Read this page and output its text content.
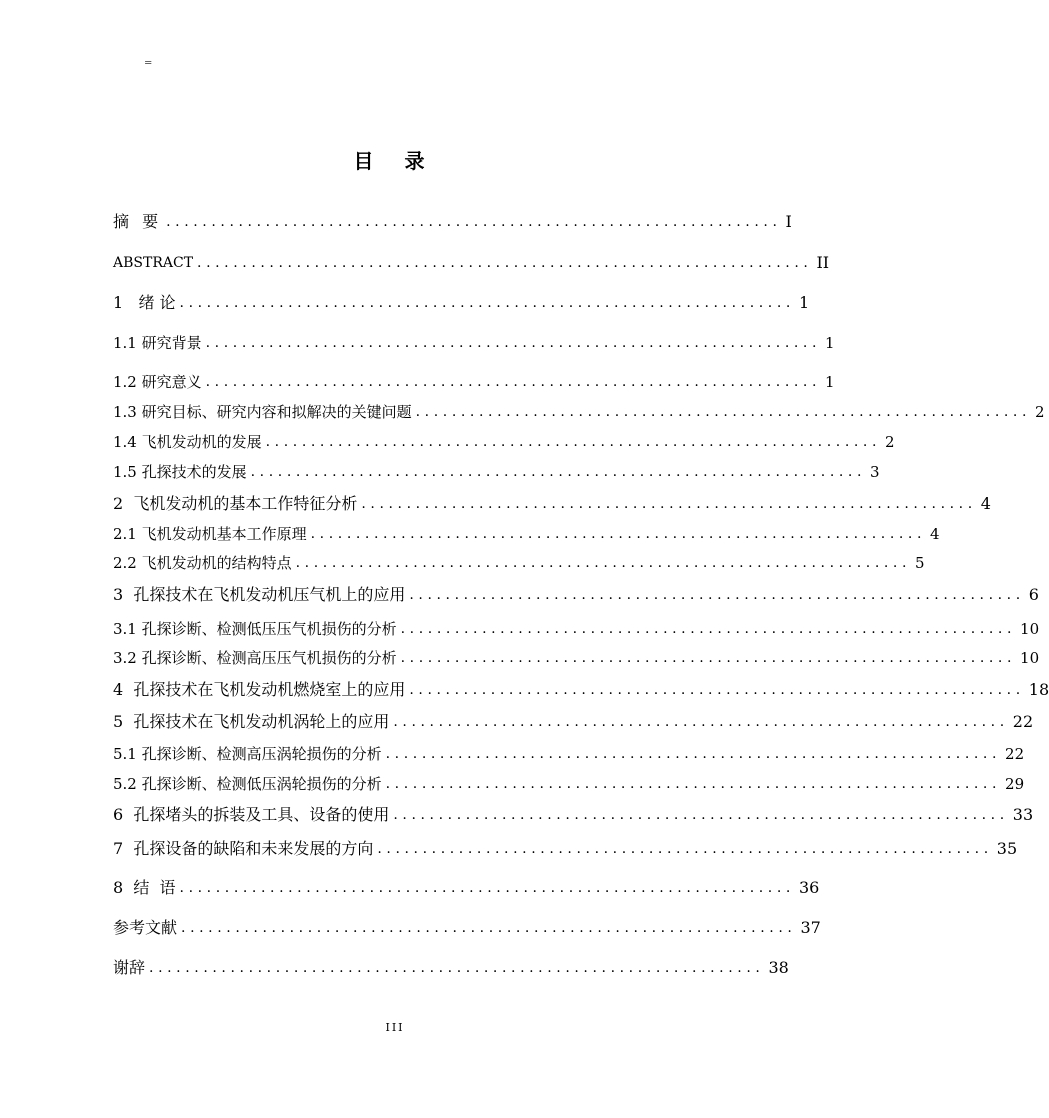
=
目 录
摘 要 .................................................................... I
ABSTRACT .................................................................... II
1   绪 论 .................................................................... 1
1.1 研究背景 .................................................................... 1
1.2 研究意义 .................................................................... 1
1.3 研究目标、研究内容和拟解决的关键问题 .................................................................... 2
1.4 飞机发动机的发展 .................................................................... 2
1.5 孔探技术的发展 .................................................................... 3
2  飞机发动机的基本工作特征分析 .................................................................... 4
2.1 飞机发动机基本工作原理 .................................................................... 4
2.2 飞机发动机的结构特点 .................................................................... 5
3  孔探技术在飞机发动机压气机上的应用 .................................................................... 6
3.1 孔探诊断、检测低压压气机损伤的分析 .................................................................... 10
3.2 孔探诊断、检测高压压气机损伤的分析 .................................................................... 10
4  孔探技术在飞机发动机燃烧室上的应用 .................................................................... 18
5  孔探技术在飞机发动机涡轮上的应用 .................................................................... 22
5.1 孔探诊断、检测高压涡轮损伤的分析 .................................................................... 22
5.2 孔探诊断、检测低压涡轮损伤的分析 .................................................................... 29
6  孔探堵头的拆装及工具、设备的使用 .................................................................... 33
7  孔探设备的缺陷和未来发展的方向 .................................................................... 35
8  结  语 .................................................................... 36
参考文献 .................................................................... 37
谢辞 .................................................................... 38
III
